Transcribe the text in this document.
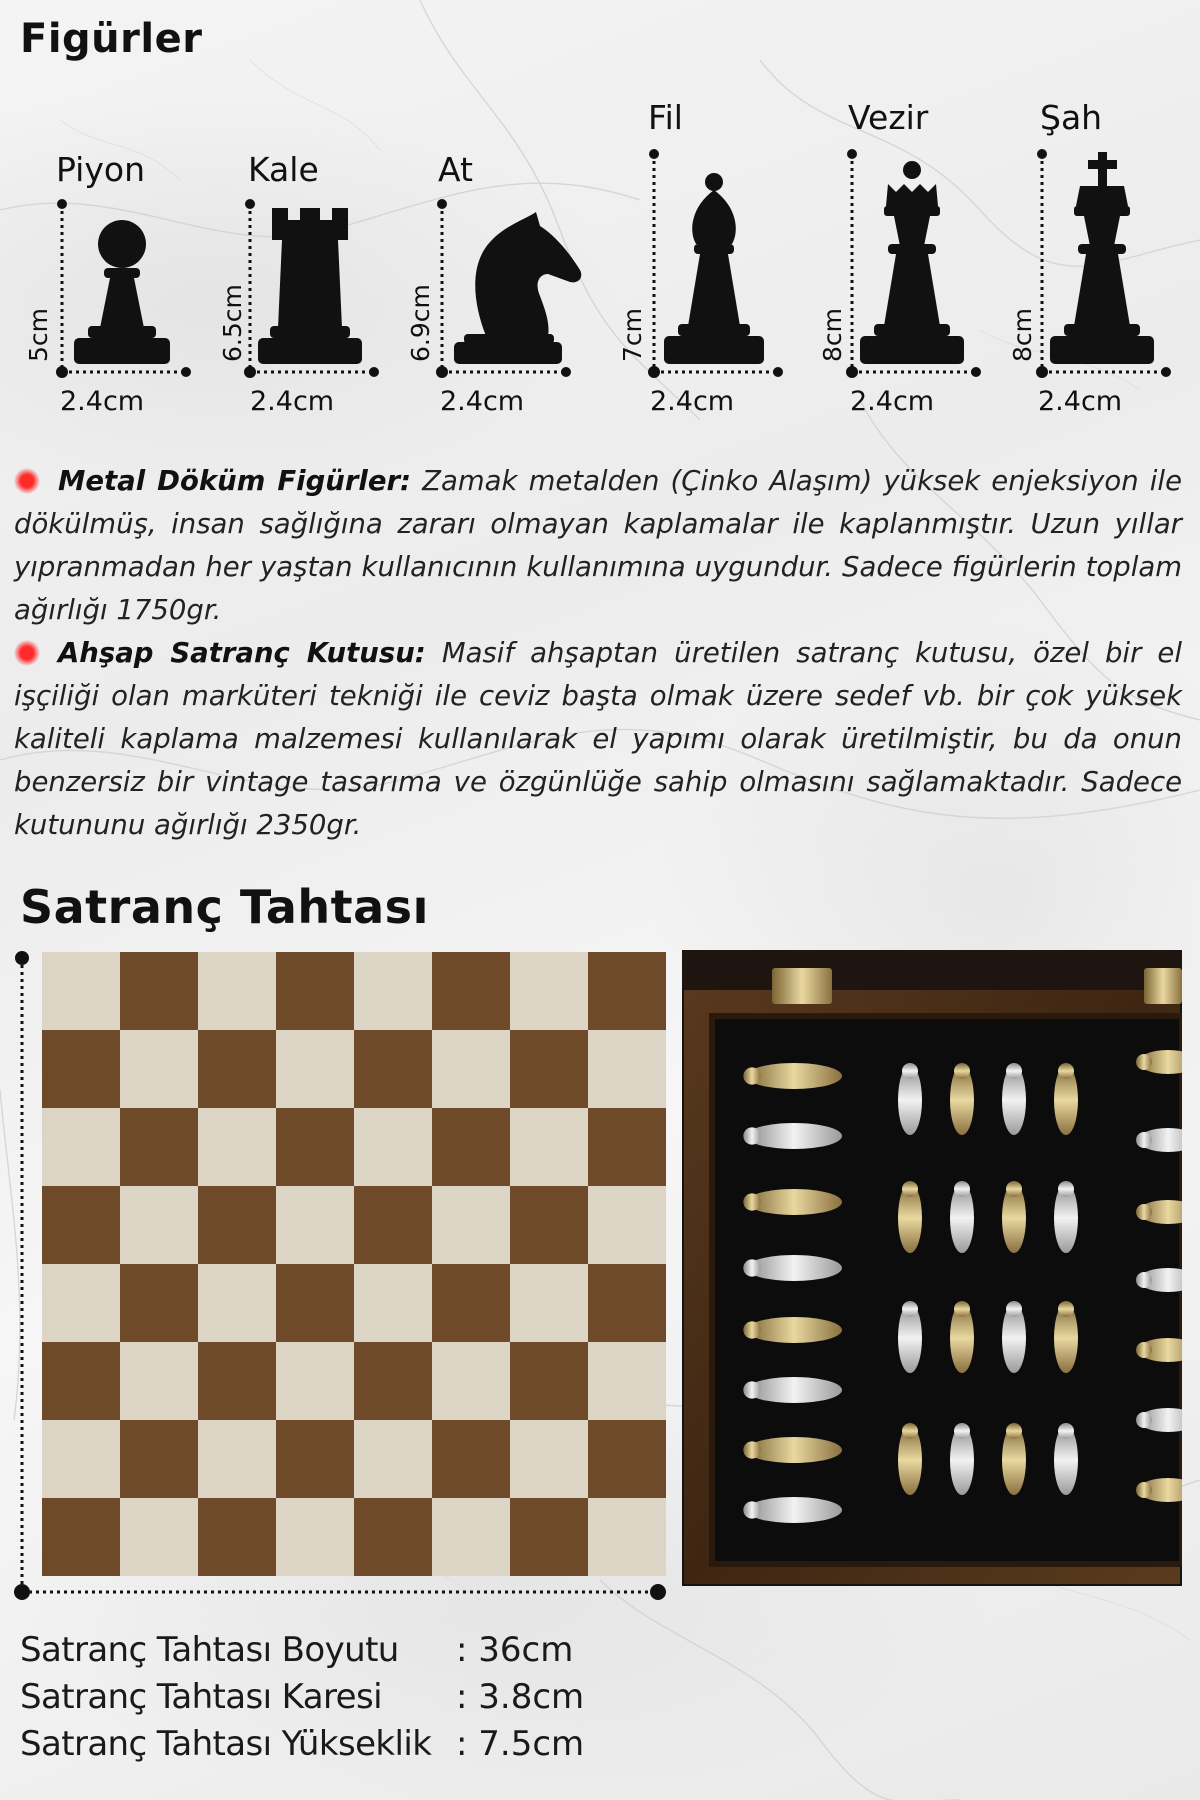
Figürler
Piyon
5cm
2.4cm
Kale
6.5cm
2.4cm
At
6.9cm
2.4cm
Fil
7cm
2.4cm
Vezir
8cm
2.4cm
Şah
8cm
2.4cm

Metal Döküm Figürler: Zamak metalden (Çinko Alaşım) yüksek enjeksiyon ile dökülmüş, insan sağlığına zararı olmayan kaplamalar ile kaplanmıştır. Uzun yıllar yıpranmadan her yaştan kullanıcının kullanımına uygundur. Sadece figürlerin toplam ağırlığı 1750gr.

Ahşap Satranç Kutusu: Masif ahşaptan üretilen satranç kutusu, özel bir el işçiliği olan marküteri tekniği ile ceviz başta olmak üzere sedef vb. bir çok yüksek kaliteli kaplama malzemesi kullanılarak el yapımı olarak üretilmiştir, bu da onun benzersiz bir vintage tasarıma ve özgünlüğe sahip olmasını sağlamaktadır. Sadece kutununu ağırlığı 2350gr.

Satranç Tahtası
Satranç Tahtası Boyutu : 36cm
Satranç Tahtası Karesi : 3.8cm
Satranç Tahtası Yükseklik : 7.5cm
